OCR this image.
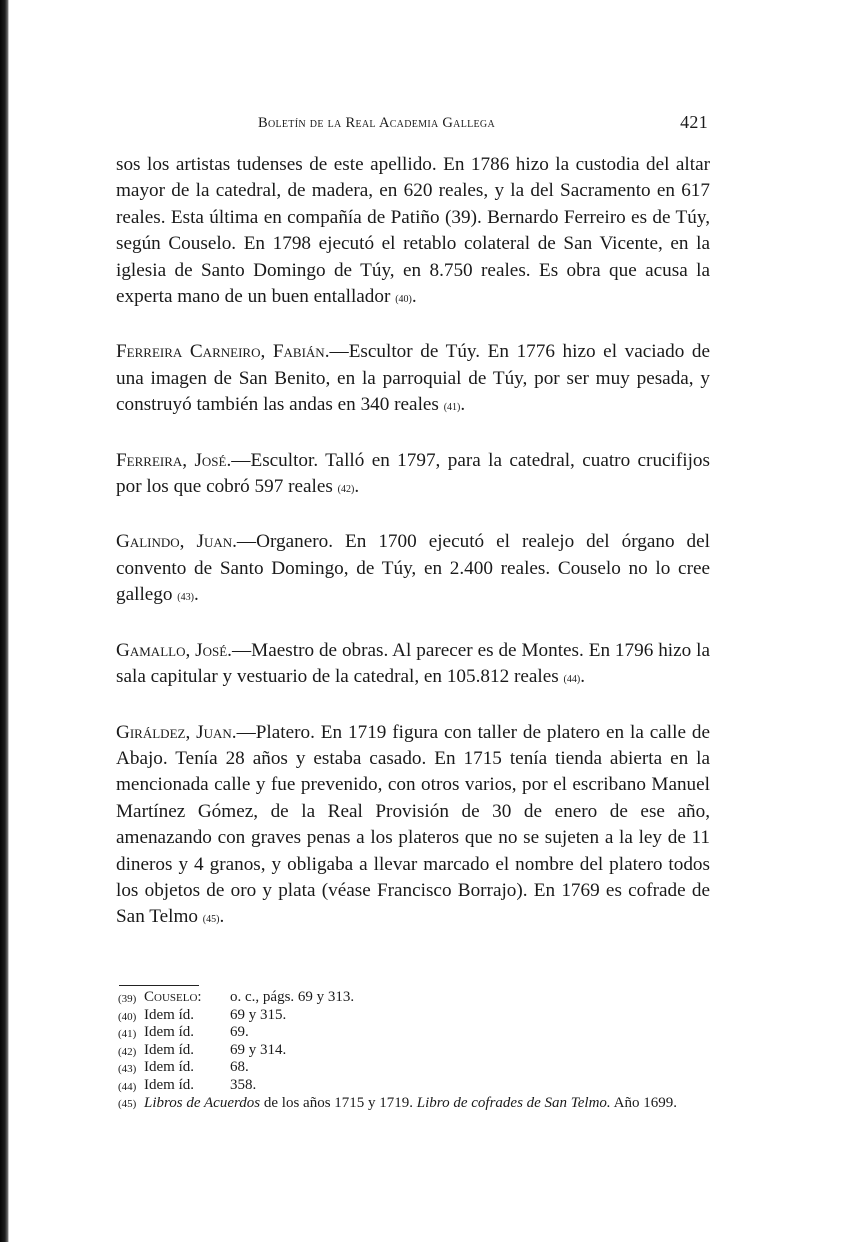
Boletín de la Real Academia Gallega	421

sos los artistas tudenses de este apellido. En 1786 hizo la custodia del altar mayor de la catedral, de madera, en 620 reales, y la del Sacramento en 617 reales. Esta última en compañía de Patiño (39). Bernardo Ferreiro es de Túy, según Couselo. En 1798 ejecutó el retablo colateral de San Vicente, en la iglesia de Santo Domingo de Túy, en 8.750 reales. Es obra que acusa la experta mano de un buen entallador (40).

Ferreira Carneiro, Fabián.—Escultor de Túy. En 1776 hizo el vaciado de una imagen de San Benito, en la parroquial de Túy, por ser muy pesada, y construyó también las andas en 340 reales (41).

Ferreira, José.—Escultor. Talló en 1797, para la catedral, cuatro crucifijos por los que cobró 597 reales (42).

Galindo, Juan.—Organero. En 1700 ejecutó el realejo del órgano del convento de Santo Domingo, de Túy, en 2.400 reales. Couselo no lo cree gallego (43).

Gamallo, José.—Maestro de obras. Al parecer es de Montes. En 1796 hizo la sala capitular y vestuario de la catedral, en 105.812 reales (44).

Giráldez, Juan.—Platero. En 1719 figura con taller de platero en la calle de Abajo. Tenía 28 años y estaba casado. En 1715 tenía tienda abierta en la mencionada calle y fue prevenido, con otros varios, por el escribano Manuel Martínez Gómez, de la Real Provisión de 30 de enero de ese año, amenazando con graves penas a los plateros que no se sujeten a la ley de 11 dineros y 4 granos, y obligaba a llevar marcado el nombre del platero todos los objetos de oro y plata (véase Francisco Borrajo). En 1769 es cofrade de San Telmo (45).

(39) Couselo:	o. c., págs. 69 y 313.
(40) Idem íd.	69 y 315.
(41) Idem íd.	69.
(42) Idem íd.	69 y 314.
(43) Idem íd.	68.
(44) Idem íd.	358.
(45) Libros de Acuerdos de los años 1715 y 1719. Libro de cofrades de San Telmo. Año 1699.
